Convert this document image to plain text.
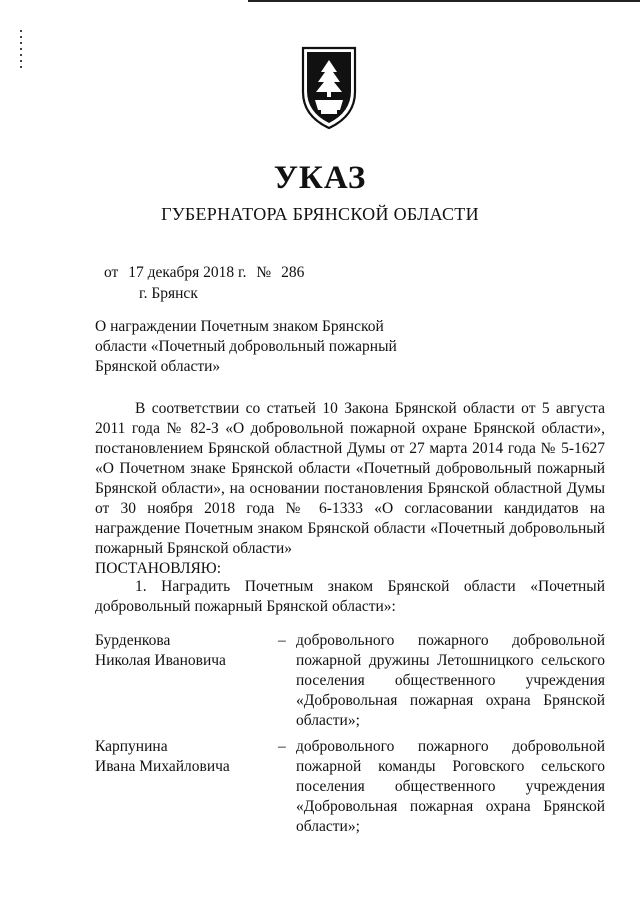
УКАЗ
ГУБЕРНАТОРА БРЯНСКОЙ ОБЛАСТИ
от 17 декабря 2018 г. № 286
г. Брянск
О награждении Почетным знаком Брянской
области «Почетный добровольный пожарный
Брянской области»

В соответствии со статьей 10 Закона Брянской области от 5 августа 2011 года № 82-З «О добровольной пожарной охране Брянской области», постановлением Брянской областной Думы от 27 марта 2014 года № 5-1627 «О Почетном знаке Брянской области «Почетный добровольный пожарный Брянской области», на основании постановления Брянской областной Думы от 30 ноября 2018 года № 6-1333 «О согласовании кандидатов на награждение Почетным знаком Брянской области «Почетный добровольный пожарный Брянской области»

ПОСТАНОВЛЯЮ:

1. Наградить Почетным знаком Брянской области «Почетный добровольный пожарный Брянской области»:
Бурденкова
Николая Ивановича
– добровольного пожарного добровольной пожарной дружины Летошницкого сельского поселения общественного учреждения «Добровольная пожарная охрана Брянской области»;
Карпунина
Ивана Михайловича
– добровольного пожарного добровольной пожарной команды Роговского сельского поселения общественного учреждения «Добровольная пожарная охрана Брянской области»;
